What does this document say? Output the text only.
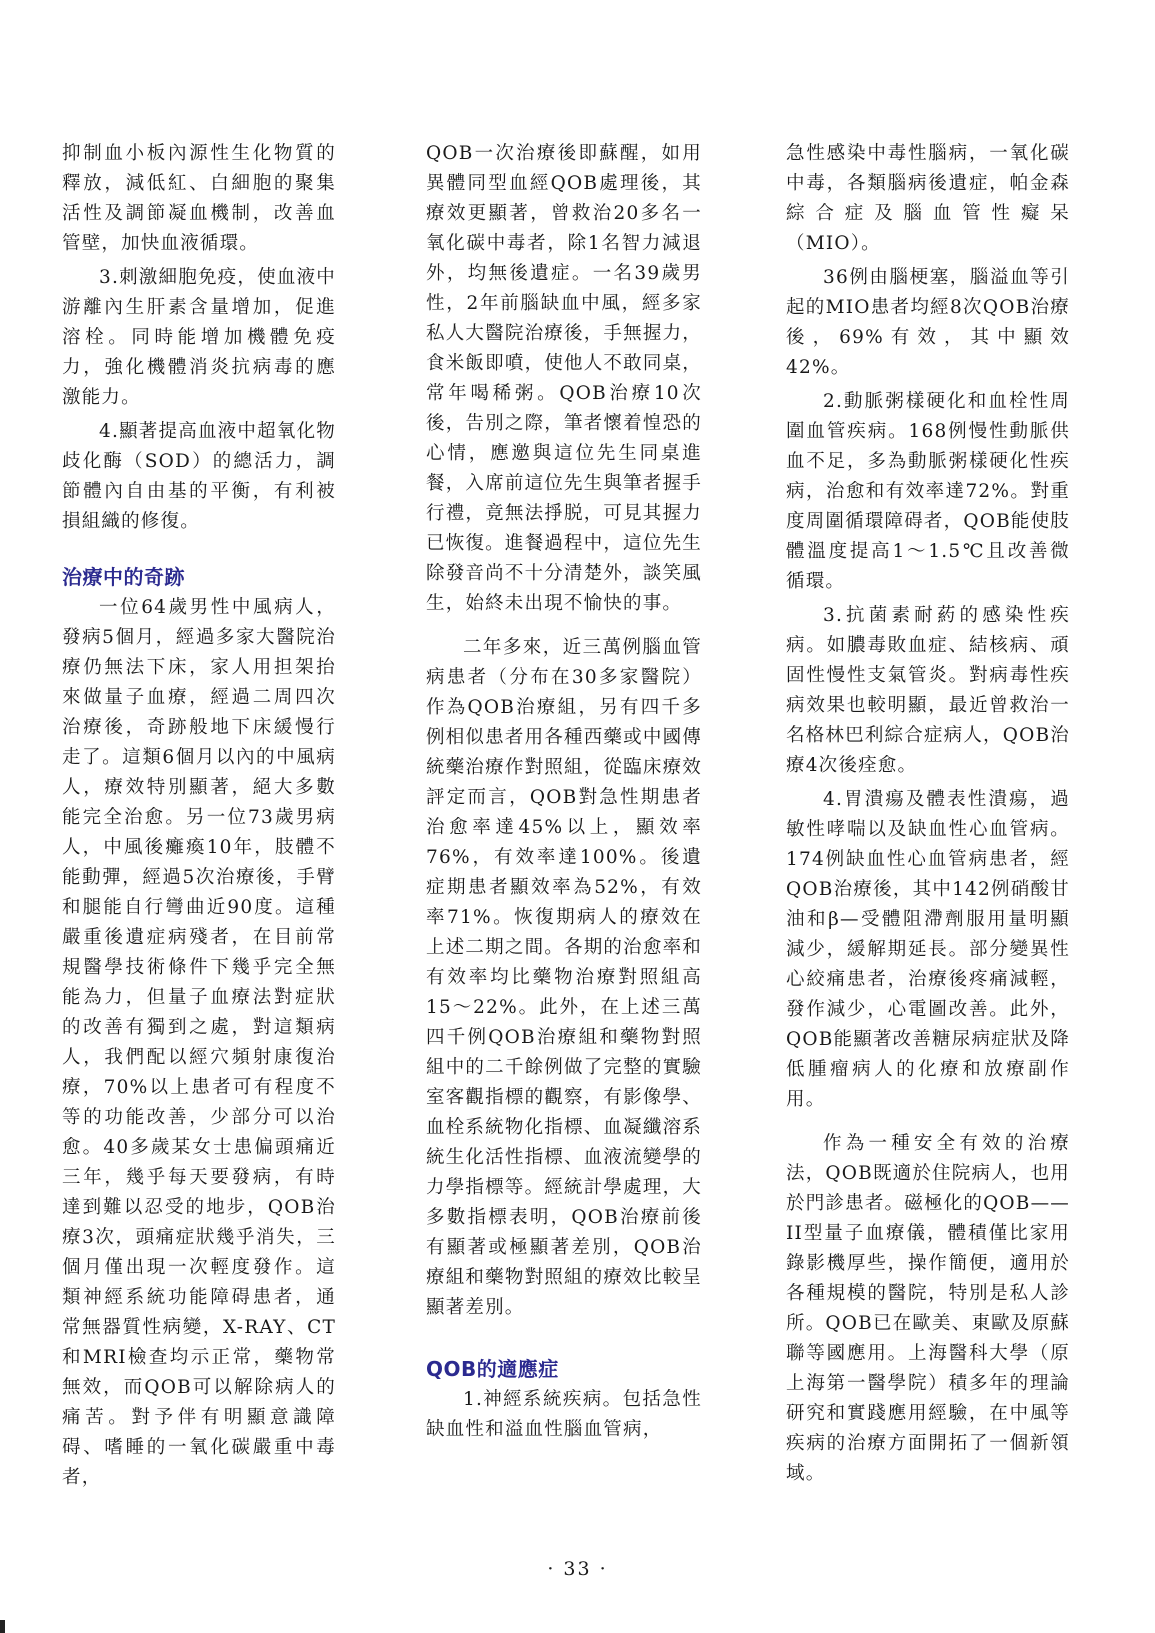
抑制血小板內源性生化物質的釋放，減低紅、白細胞的聚集活性及調節凝血機制，改善血管壁，加快血液循環。

3.刺激細胞免疫，使血液中游離內生肝素含量增加，促進溶栓。同時能增加機體免疫力，強化機體消炎抗病毒的應激能力。

4.顯著提高血液中超氧化物歧化酶（SOD）的總活力，調節體內自由基的平衡，有利被損組織的修復。

治療中的奇跡

一位64歲男性中風病人，發病5個月，經過多家大醫院治療仍無法下床，家人用担架抬來做量子血療，經過二周四次治療後，奇跡般地下床緩慢行走了。這類6個月以內的中風病人，療效特別顯著，絕大多數能完全治愈。另一位73歲男病人，中風後癱瘓10年，肢體不能動彈，經過5次治療後，手臂和腿能自行彎曲近90度。這種嚴重後遺症病殘者，在目前常規醫學技術條件下幾乎完全無能為力，但量子血療法對症狀的改善有獨到之處，對這類病人，我們配以經穴頻射康復治療，70%以上患者可有程度不等的功能改善，少部分可以治愈。40多歲某女士患偏頭痛近三年，幾乎每天要發病，有時達到難以忍受的地步，QOB治療3次，頭痛症狀幾乎消失，三個月僅出現一次輕度發作。這類神經系統功能障碍患者，通常無器質性病變，X-RAY、CT 和MRI檢查均示正常，藥物常無效，而QOB可以解除病人的痛苦。對予伴有明顯意識障碍、嗜睡的一氧化碳嚴重中毒者，

QOB一次治療後即蘇醒，如用異體同型血經QOB處理後，其療效更顯著，曾救治20多名一氧化碳中毒者，除1名智力減退外，均無後遺症。一名39歲男性，2年前腦缺血中風，經多家私人大醫院治療後，手無握力，食米飯即噴，使他人不敢同桌，常年喝稀粥。QOB治療10次後，告別之際，筆者懷着惶恐的心情，應邀與這位先生同桌進餐，入席前這位先生與筆者握手行禮，竟無法掙脱，可見其握力已恢復。進餐過程中，這位先生除發音尚不十分清楚外，談笑風生，始終未出現不愉快的事。

二年多來，近三萬例腦血管病患者（分布在30多家醫院）作為QOB治療組，另有四千多例相似患者用各種西藥或中國傳統藥治療作對照組，從臨床療效評定而言，QOB對急性期患者治愈率達45%以上，顯效率76%，有效率達100%。後遺症期患者顯效率為52%，有效率71%。恢復期病人的療效在上述二期之間。各期的治愈率和有效率均比藥物治療對照組高15～22%。此外，在上述三萬四千例QOB治療組和藥物對照組中的二千餘例做了完整的實驗室客觀指標的觀察，有影像學、血栓系統物化指標、血凝纖溶系統生化活性指標、血液流變學的力學指標等。經統計學處理，大多數指標表明，QOB治療前後有顯著或極顯著差別，QOB治療組和藥物對照組的療效比較呈顯著差別。

QOB的適應症

1.神經系統疾病。包括急性缺血性和溢血性腦血管病，

急性感染中毒性腦病，一氧化碳中毒，各類腦病後遺症，帕金森綜合症及腦血管性癡呆（MIO）。

36例由腦梗塞，腦溢血等引起的MIO患者均經8次QOB治療後，69%有效，其中顯效42%。

2.動脈粥樣硬化和血栓性周圍血管疾病。168例慢性動脈供血不足，多為動脈粥樣硬化性疾病，治愈和有效率達72%。對重度周圍循環障碍者，QOB能使肢體溫度提高1～1.5℃且改善微循環。

3.抗菌素耐葯的感染性疾病。如膿毒敗血症、結核病、頑固性慢性支氣管炎。對病毒性疾病效果也較明顯，最近曾救治一名格林巴利綜合症病人，QOB治療4次後痊愈。

4.胃潰瘍及體表性潰瘍，過敏性哮喘以及缺血性心血管病。174例缺血性心血管病患者，經QOB治療後，其中142例硝酸甘油和β—受體阻滯劑服用量明顯減少，緩解期延長。部分變異性心絞痛患者，治療後疼痛減輕，發作減少，心電圖改善。此外，QOB能顯著改善糖尿病症狀及降低腫瘤病人的化療和放療副作用。

作為一種安全有效的治療法，QOB既適於住院病人，也用於門診患者。磁極化的QOB——II型量子血療儀，體積僅比家用錄影機厚些，操作簡便，適用於各種規模的醫院，特別是私人診所。QOB已在歐美、東歐及原蘇聯等國應用。上海醫科大學（原上海第一醫學院）積多年的理論研究和實踐應用經驗，在中風等疾病的治療方面開拓了一個新領域。

· 33 ·
